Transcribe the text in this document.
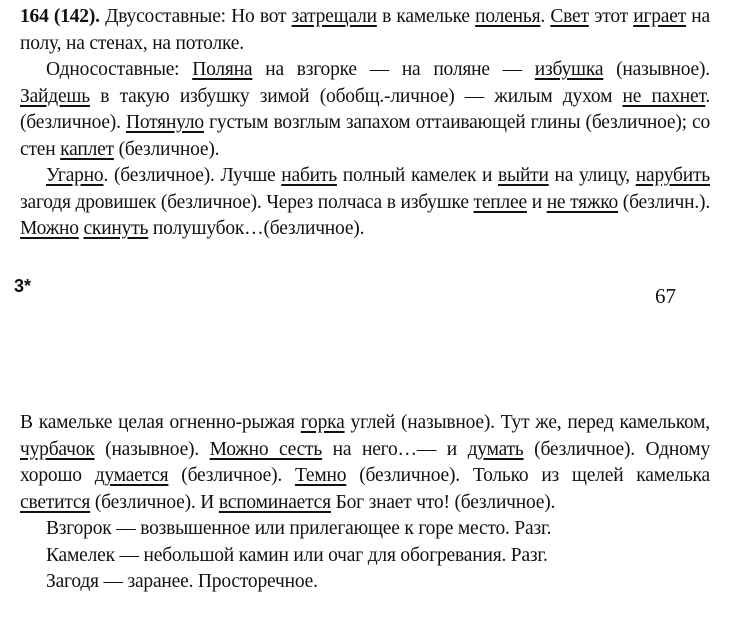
164 (142). Двусоставные: Но вот затрещали в камельке поленья. Свет этот играет на полу, на стенах, на потолке.

Односоставные: Поляна на взгорке — на поляне — избушка (назывное). Зайдешь в такую избушку зимой (обобщ.-личное) — жилым духом не пахнет. (безличное). Потянуло густым возглым запахом оттаивающей глины (безличное); со стен каплет (безличное).

Угарно. (безличное). Лучше набить полный камелек и выйти на улицу, нарубить загодя дровишек (безличное). Через полчаса в избушке теплее и не тяжко (безличн.). Можно скинуть полушубок…(безличное).

3*	67

В камельке целая огненно-рыжая горка углей (назывное). Тут же, перед камельком, чурбачок (назывное). Можно сесть на него…— и думать (безличное). Одному хорошо думается (безличное). Темно (безличное). Только из щелей камелька светится (безличное). И вспоминается Бог знает что! (безличное).

Взгорок — возвышенное или прилегающее к горе место. Разг.

Камелек — небольшой камин или очаг для обогревания. Разг.

Загодя — заранее. Просторечное.
